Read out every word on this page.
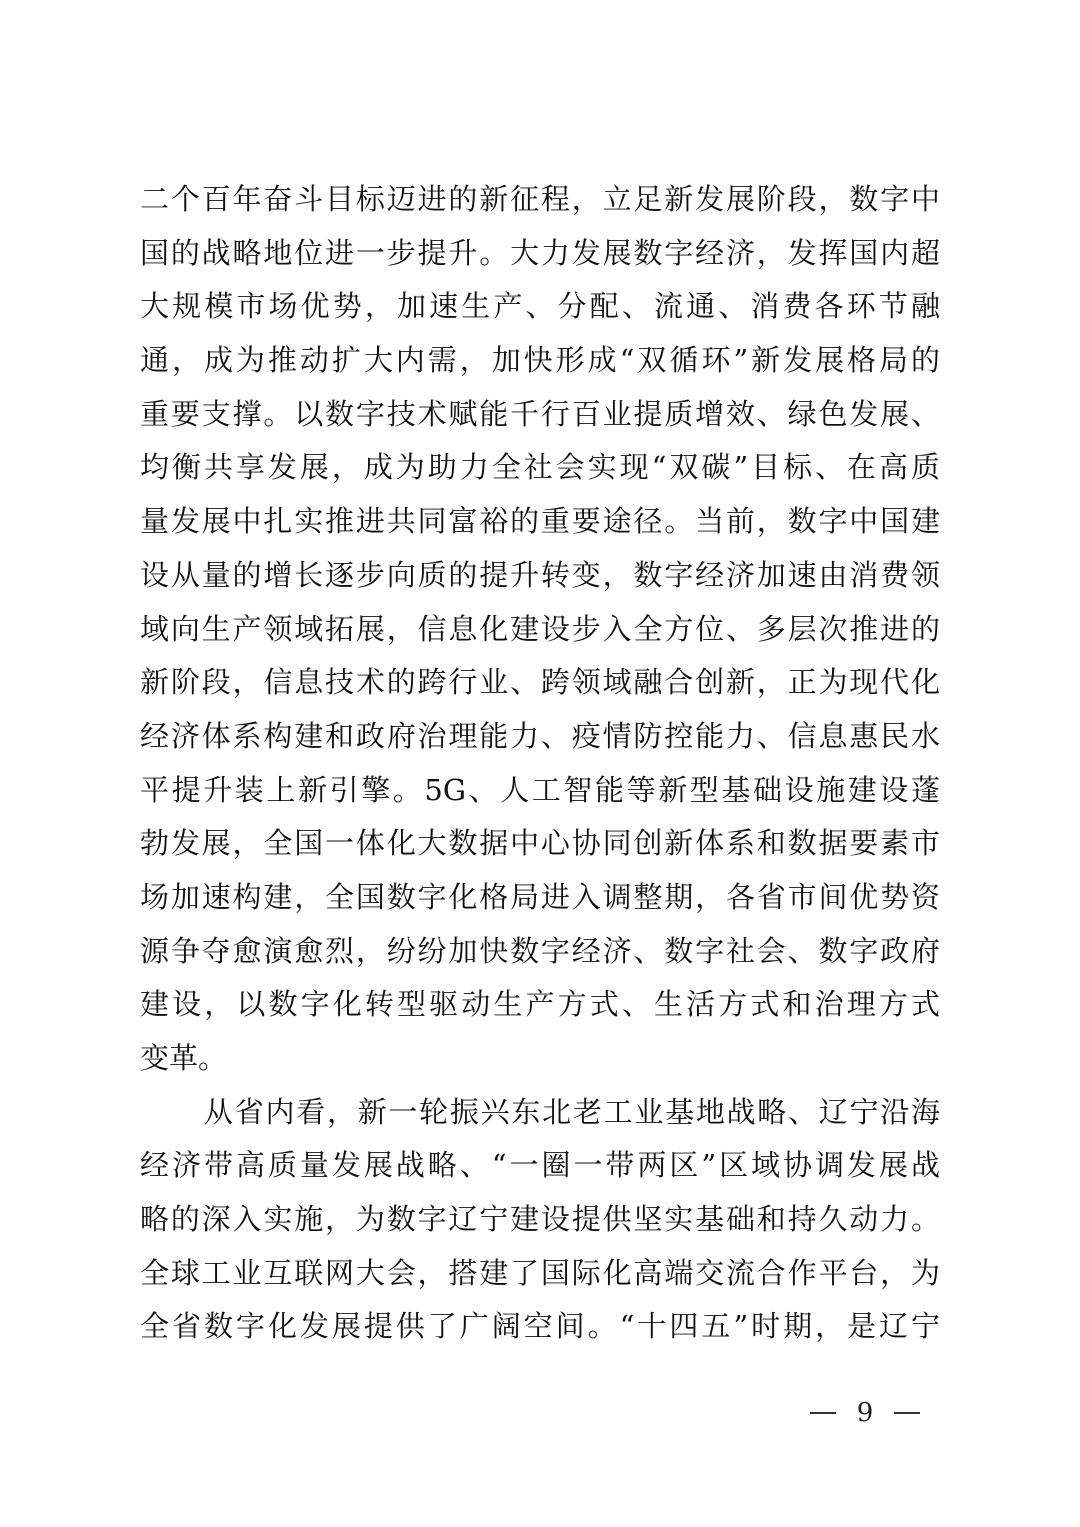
二个百年奋斗目标迈进的新征程，立足新发展阶段，数字中
国的战略地位进一步提升。大力发展数字经济，发挥国内超
大规模市场优势，加速生产、分配、流通、消费各环节融
通，成为推动扩大内需，加快形成“双循环”新发展格局的
重要支撑。以数字技术赋能千行百业提质增效、绿色发展、
均衡共享发展，成为助力全社会实现“双碳”目标、在高质
量发展中扎实推进共同富裕的重要途径。当前，数字中国建
设从量的增长逐步向质的提升转变，数字经济加速由消费领
域向生产领域拓展，信息化建设步入全方位、多层次推进的
新阶段，信息技术的跨行业、跨领域融合创新，正为现代化
经济体系构建和政府治理能力、疫情防控能力、信息惠民水
平提升装上新引擎。5G、人工智能等新型基础设施建设蓬
勃发展，全国一体化大数据中心协同创新体系和数据要素市
场加速构建，全国数字化格局进入调整期，各省市间优势资
源争夺愈演愈烈，纷纷加快数字经济、数字社会、数字政府
建设，以数字化转型驱动生产方式、生活方式和治理方式
变革。
从省内看，新一轮振兴东北老工业基地战略、辽宁沿海
经济带高质量发展战略、“一圈一带两区”区域协调发展战
略的深入实施，为数字辽宁建设提供坚实基础和持久动力。
全球工业互联网大会，搭建了国际化高端交流合作平台，为
全省数字化发展提供了广阔空间。“十四五”时期，是辽宁
9
